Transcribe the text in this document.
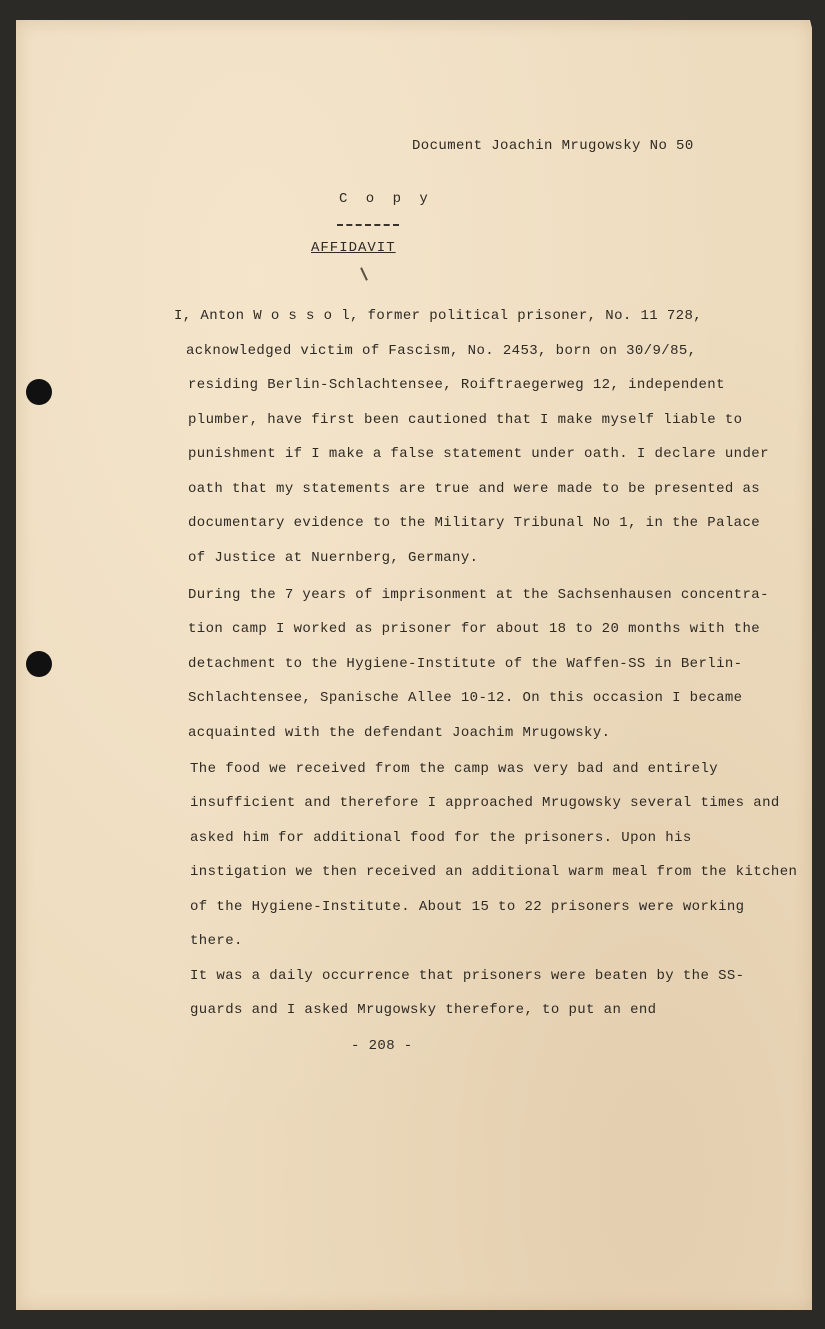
Document Joachin Mrugowsky No 50
C o p y
AFFIDAVIT
I, Anton W o s s o l, former political prisoner, No. 11 728,
acknowledged victim of Fascism, No. 2453, born on 30/9/85,
residing Berlin-Schlachtensee, Roiftraegerweg 12, independent
plumber, have first been cautioned that I make myself liable to
punishment if I make a false statement under oath. I declare under
oath that my statements are true and were made to be presented as
documentary evidence to the Military Tribunal No 1, in the Palace
of Justice at Nuernberg, Germany.
During the 7 years of imprisonment at the Sachsenhausen concentra-
tion camp I worked as prisoner for about 18 to 20 months with the
detachment to the Hygiene-Institute of the Waffen-SS in Berlin-
Schlachtensee, Spanische Allee 10-12. On this occasion I became
acquainted with the defendant Joachim Mrugowsky.
The food we received from the camp was very bad and entirely
insufficient and therefore I approached Mrugowsky several times and
asked him for additional food for the prisoners. Upon his
instigation we then received an additional warm meal from the kitchen
of the Hygiene-Institute. About 15 to 22 prisoners were working
there.
It was a daily occurrence that prisoners were beaten by the SS-
guards and I asked Mrugowsky therefore, to put an end
- 208 -
